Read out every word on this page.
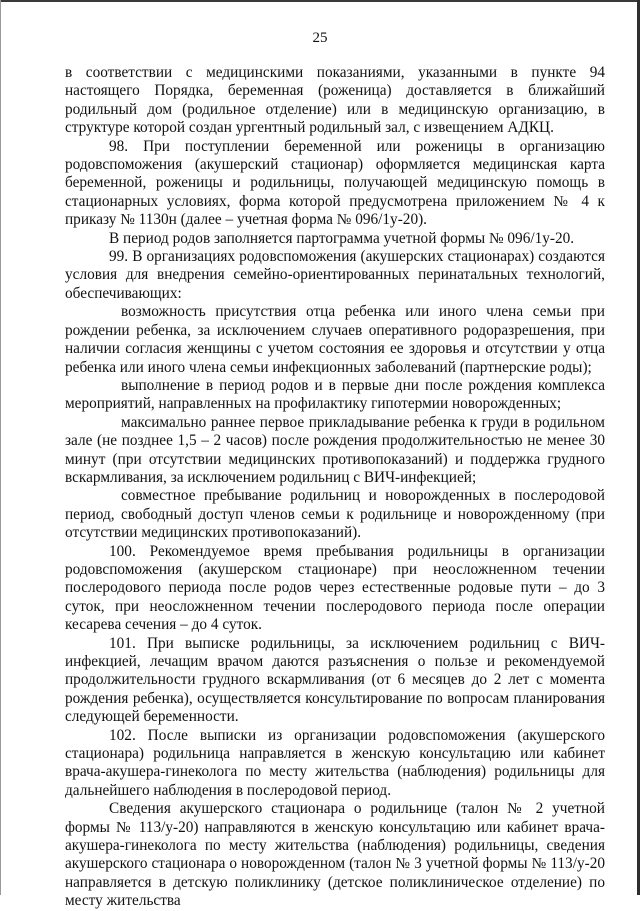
25

в соответствии с медицинскими показаниями, указанными в пункте 94 настоящего Порядка, беременная (роженица) доставляется в ближайший родильный дом (родильное отделение) или в медицинскую организацию, в структуре которой создан ургентный родильный зал, с извещением АДКЦ.

98. При поступлении беременной или роженицы в организацию родовспоможения (акушерский стационар) оформляется медицинская карта беременной, роженицы и родильницы, получающей медицинскую помощь в стационарных условиях, форма которой предусмотрена приложением № 4 к приказу № 1130н (далее – учетная форма № 096/1у-20).

В период родов заполняется партограмма учетной формы № 096/1у-20.

99. В организациях родовспоможения (акушерских стационарах) создаются условия для внедрения семейно-ориентированных перинатальных технологий, обеспечивающих:

возможность присутствия отца ребенка или иного члена семьи при рождении ребенка, за исключением случаев оперативного родоразрешения, при наличии согласия женщины с учетом состояния ее здоровья и отсутствии у отца ребенка или иного члена семьи инфекционных заболеваний (партнерские роды);

выполнение в период родов и в первые дни после рождения комплекса мероприятий, направленных на профилактику гипотермии новорожденных;

максимально раннее первое прикладывание ребенка к груди в родильном зале (не позднее 1,5 – 2 часов) после рождения продолжительностью не менее 30 минут (при отсутствии медицинских противопоказаний) и поддержка грудного вскармливания, за исключением родильниц с ВИЧ-инфекцией;

совместное пребывание родильниц и новорожденных в послеродовой период, свободный доступ членов семьи к родильнице и новорожденному (при отсутствии медицинских противопоказаний).

100. Рекомендуемое время пребывания родильницы в организации родовспоможения (акушерском стационаре) при неосложненном течении послеродового периода после родов через естественные родовые пути – до 3 суток, при неосложненном течении послеродового периода после операции кесарева сечения – до 4 суток.

101. При выписке родильницы, за исключением родильниц с ВИЧ-инфекцией, лечащим врачом даются разъяснения о пользе и рекомендуемой продолжительности грудного вскармливания (от 6 месяцев до 2 лет с момента рождения ребенка), осуществляется консультирование по вопросам планирования следующей беременности.

102. После выписки из организации родовспоможения (акушерского стационара) родильница направляется в женскую консультацию или кабинет врача-акушера-гинеколога по месту жительства (наблюдения) родильницы для дальнейшего наблюдения в послеродовой период.

Сведения акушерского стационара о родильнице (талон № 2 учетной формы № 113/у-20) направляются в женскую консультацию или кабинет врача-акушера-гинеколога по месту жительства (наблюдения) родильницы, сведения акушерского стационара о новорожденном (талон № 3 учетной формы № 113/у-20 направляется в детскую поликлинику (детское поликлиническое отделение) по месту жительства
